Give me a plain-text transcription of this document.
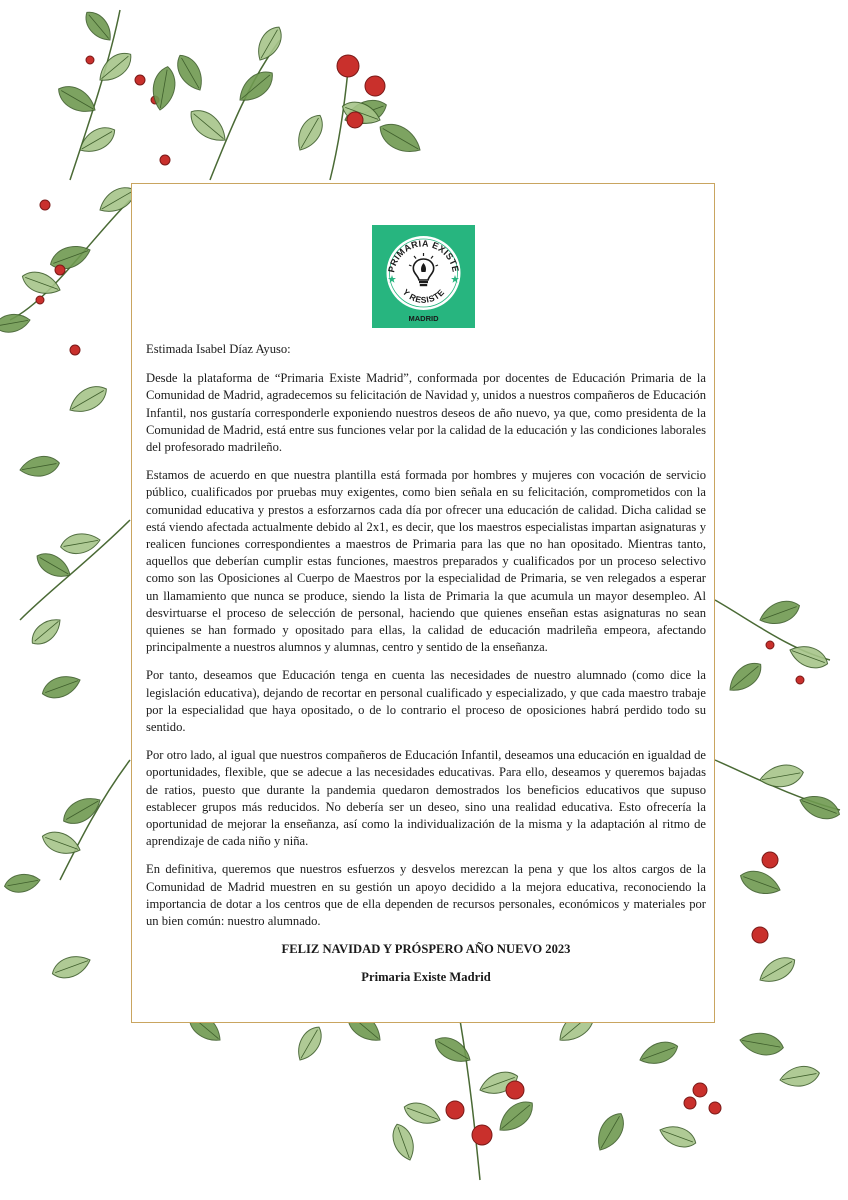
PRIMARIA EXISTE
Y RESISTE
MADRID

Estimada Isabel Díaz Ayuso:

Desde la plataforma de “Primaria Existe Madrid”, conformada por docentes de Educación Primaria de la Comunidad de Madrid, agradecemos su felicitación de Navidad y, unidos a nuestros compañeros de Educación Infantil, nos gustaría corresponderle exponiendo nuestros deseos de año nuevo, ya que, como presidenta de la Comunidad de Madrid, está entre sus funciones velar por la calidad de la educación y las condiciones laborales del profesorado madrileño.

Estamos de acuerdo en que nuestra plantilla está formada por hombres y mujeres con vocación de servicio público, cualificados por pruebas muy exigentes, como bien señala en su felicitación, comprometidos con la comunidad educativa y prestos a esforzarnos cada día por ofrecer una educación de calidad. Dicha calidad se está viendo afectada actualmente debido al 2x1, es decir, que los maestros especialistas impartan asignaturas y realicen funciones correspondientes a maestros de Primaria para las que no han opositado. Mientras tanto, aquellos que deberían cumplir estas funciones, maestros preparados y cualificados por un proceso selectivo como son las Oposiciones al Cuerpo de Maestros por la especialidad de Primaria, se ven relegados a esperar un llamamiento que nunca se produce, siendo la lista de Primaria la que acumula un mayor desempleo. Al desvirtuarse el proceso de selección de personal, haciendo que quienes enseñan estas asignaturas no sean quienes se han formado y opositado para ellas, la calidad de educación madrileña empeora, afectando principalmente a nuestros alumnos y alumnas, centro y sentido de la enseñanza.

Por tanto, deseamos que Educación tenga en cuenta las necesidades de nuestro alumnado (como dice la legislación educativa), dejando de recortar en personal cualificado y especializado, y que cada maestro trabaje por la especialidad que haya opositado, o de lo contrario el proceso de oposiciones habrá perdido todo su sentido.

Por otro lado, al igual que nuestros compañeros de Educación Infantil, deseamos una educación en igualdad de oportunidades, flexible, que se adecue a las necesidades educativas. Para ello, deseamos y queremos bajadas de ratios, puesto que durante la pandemia quedaron demostrados los beneficios educativos que supuso establecer grupos más reducidos. No debería ser un deseo, sino una realidad educativa. Esto ofrecería la oportunidad de mejorar la enseñanza, así como la individualización de la misma y la adaptación al ritmo de aprendizaje de cada niño y niña.

En definitiva, queremos que nuestros esfuerzos y desvelos merezcan la pena y que los altos cargos de la Comunidad de Madrid muestren en su gestión un apoyo decidido a la mejora educativa, reconociendo la importancia de dotar a los centros que de ella dependen de recursos personales, económicos y materiales por un bien común: nuestro alumnado.

FELIZ NAVIDAD Y PRÓSPERO AÑO NUEVO 2023

Primaria Existe Madrid
